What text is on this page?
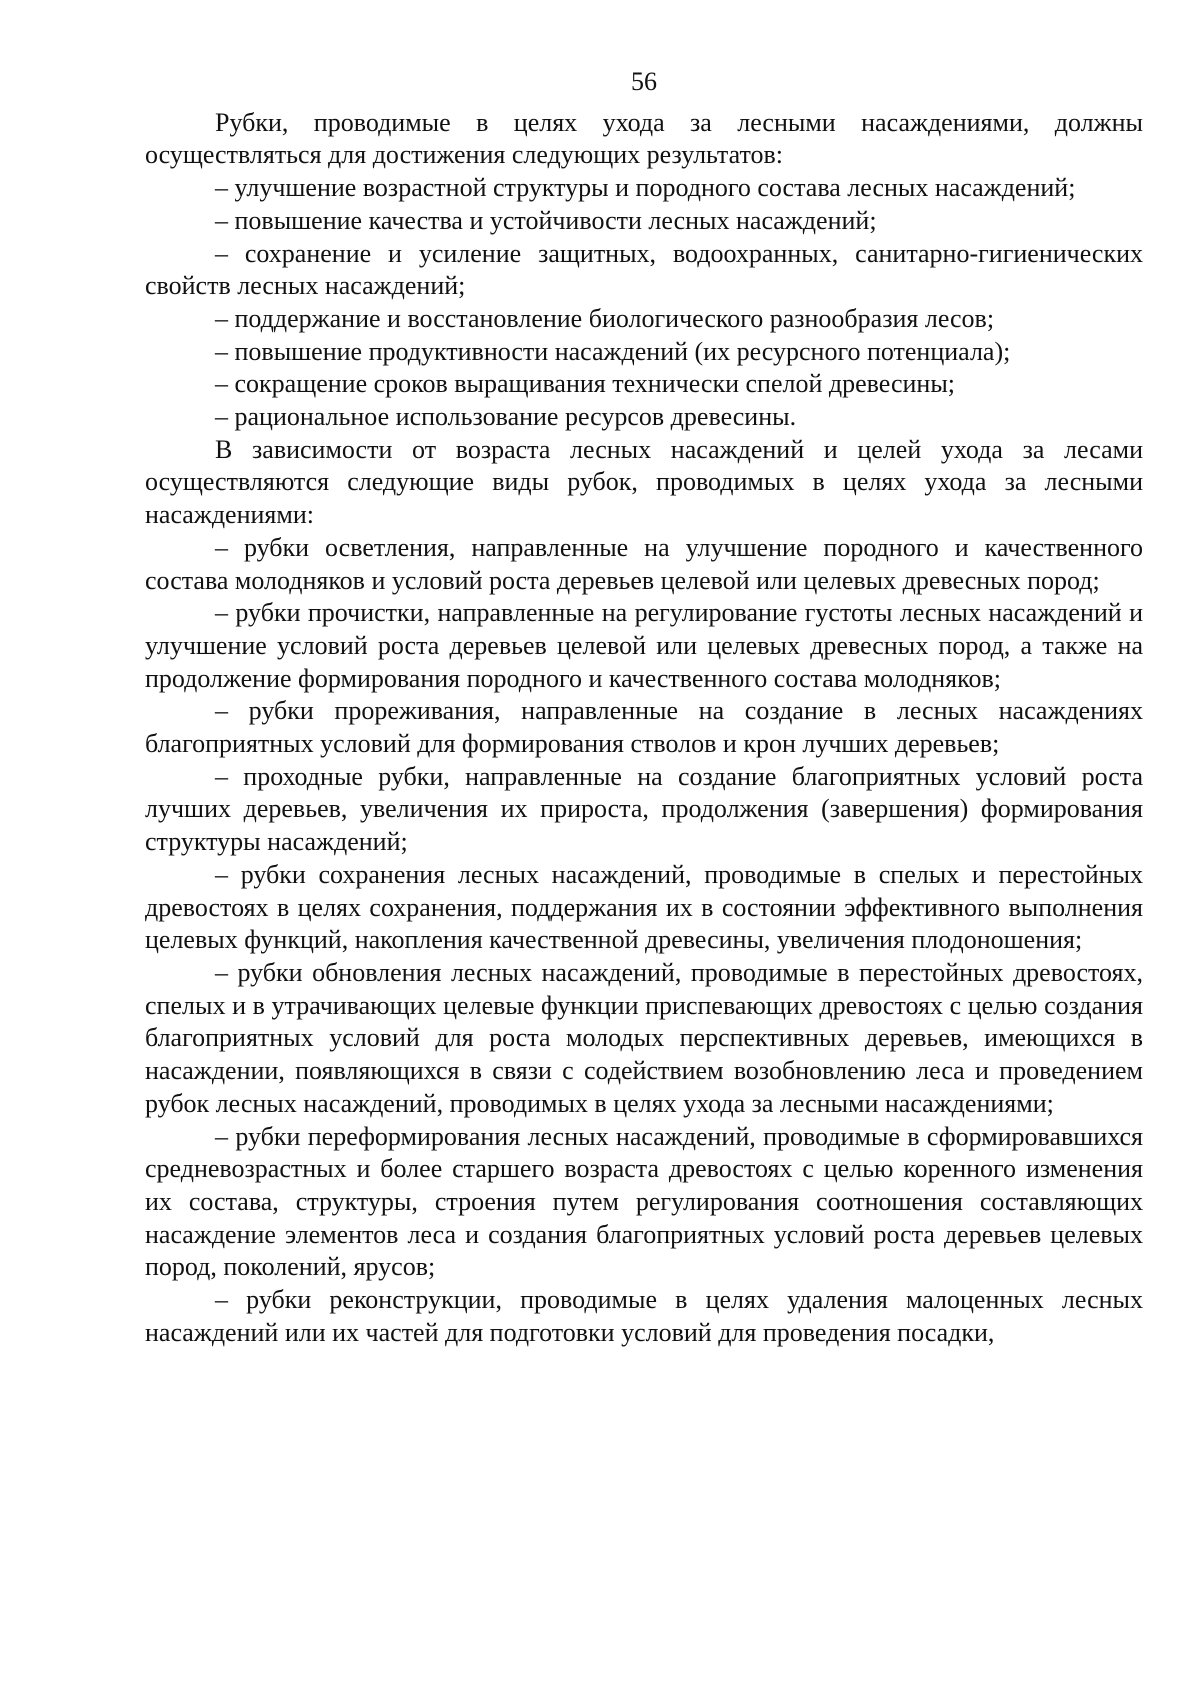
56

Рубки, проводимые в целях ухода за лесными насаждениями, должны осуществляться для достижения следующих результатов:

– улучшение возрастной структуры и породного состава лесных насаждений;

– повышение качества и устойчивости лесных насаждений;

– сохранение и усиление защитных, водоохранных, санитарно-гигиенических свойств лесных насаждений;

– поддержание и восстановление биологического разнообразия лесов;

– повышение продуктивности насаждений (их ресурсного потенциала);

– сокращение сроков выращивания технически спелой древесины;

– рациональное использование ресурсов древесины.

В зависимости от возраста лесных насаждений и целей ухода за лесами осуществляются следующие виды рубок, проводимых в целях ухода за лесными насаждениями:

– рубки осветления, направленные на улучшение породного и качественного состава молодняков и условий роста деревьев целевой или целевых древесных пород;

– рубки прочистки, направленные на регулирование густоты лесных насаждений и улучшение условий роста деревьев целевой или целевых древесных пород, а также на продолжение формирования породного и качественного состава молодняков;

– рубки прореживания, направленные на создание в лесных насаждениях благоприятных условий для формирования стволов и крон лучших деревьев;

– проходные рубки, направленные на создание благоприятных условий роста лучших деревьев, увеличения их прироста, продолжения (завершения) формирования структуры насаждений;

– рубки сохранения лесных насаждений, проводимые в спелых и перестойных древостоях в целях сохранения, поддержания их в состоянии эффективного выполнения целевых функций, накопления качественной древесины, увеличения плодоношения;

– рубки обновления лесных насаждений, проводимые в перестойных древостоях, спелых и в утрачивающих целевые функции приспевающих древостоях с целью создания благоприятных условий для роста молодых перспективных деревьев, имеющихся в насаждении, появляющихся в связи с содействием возобновлению леса и проведением рубок лесных насаждений, проводимых в целях ухода за лесными насаждениями;

– рубки переформирования лесных насаждений, проводимые в сформировавшихся средневозрастных и более старшего возраста древостоях с целью коренного изменения их состава, структуры, строения путем регулирования соотношения составляющих насаждение элементов леса и создания благоприятных условий роста деревьев целевых пород, поколений, ярусов;

– рубки реконструкции, проводимые в целях удаления малоценных лесных насаждений или их частей для подготовки условий для проведения посадки,
